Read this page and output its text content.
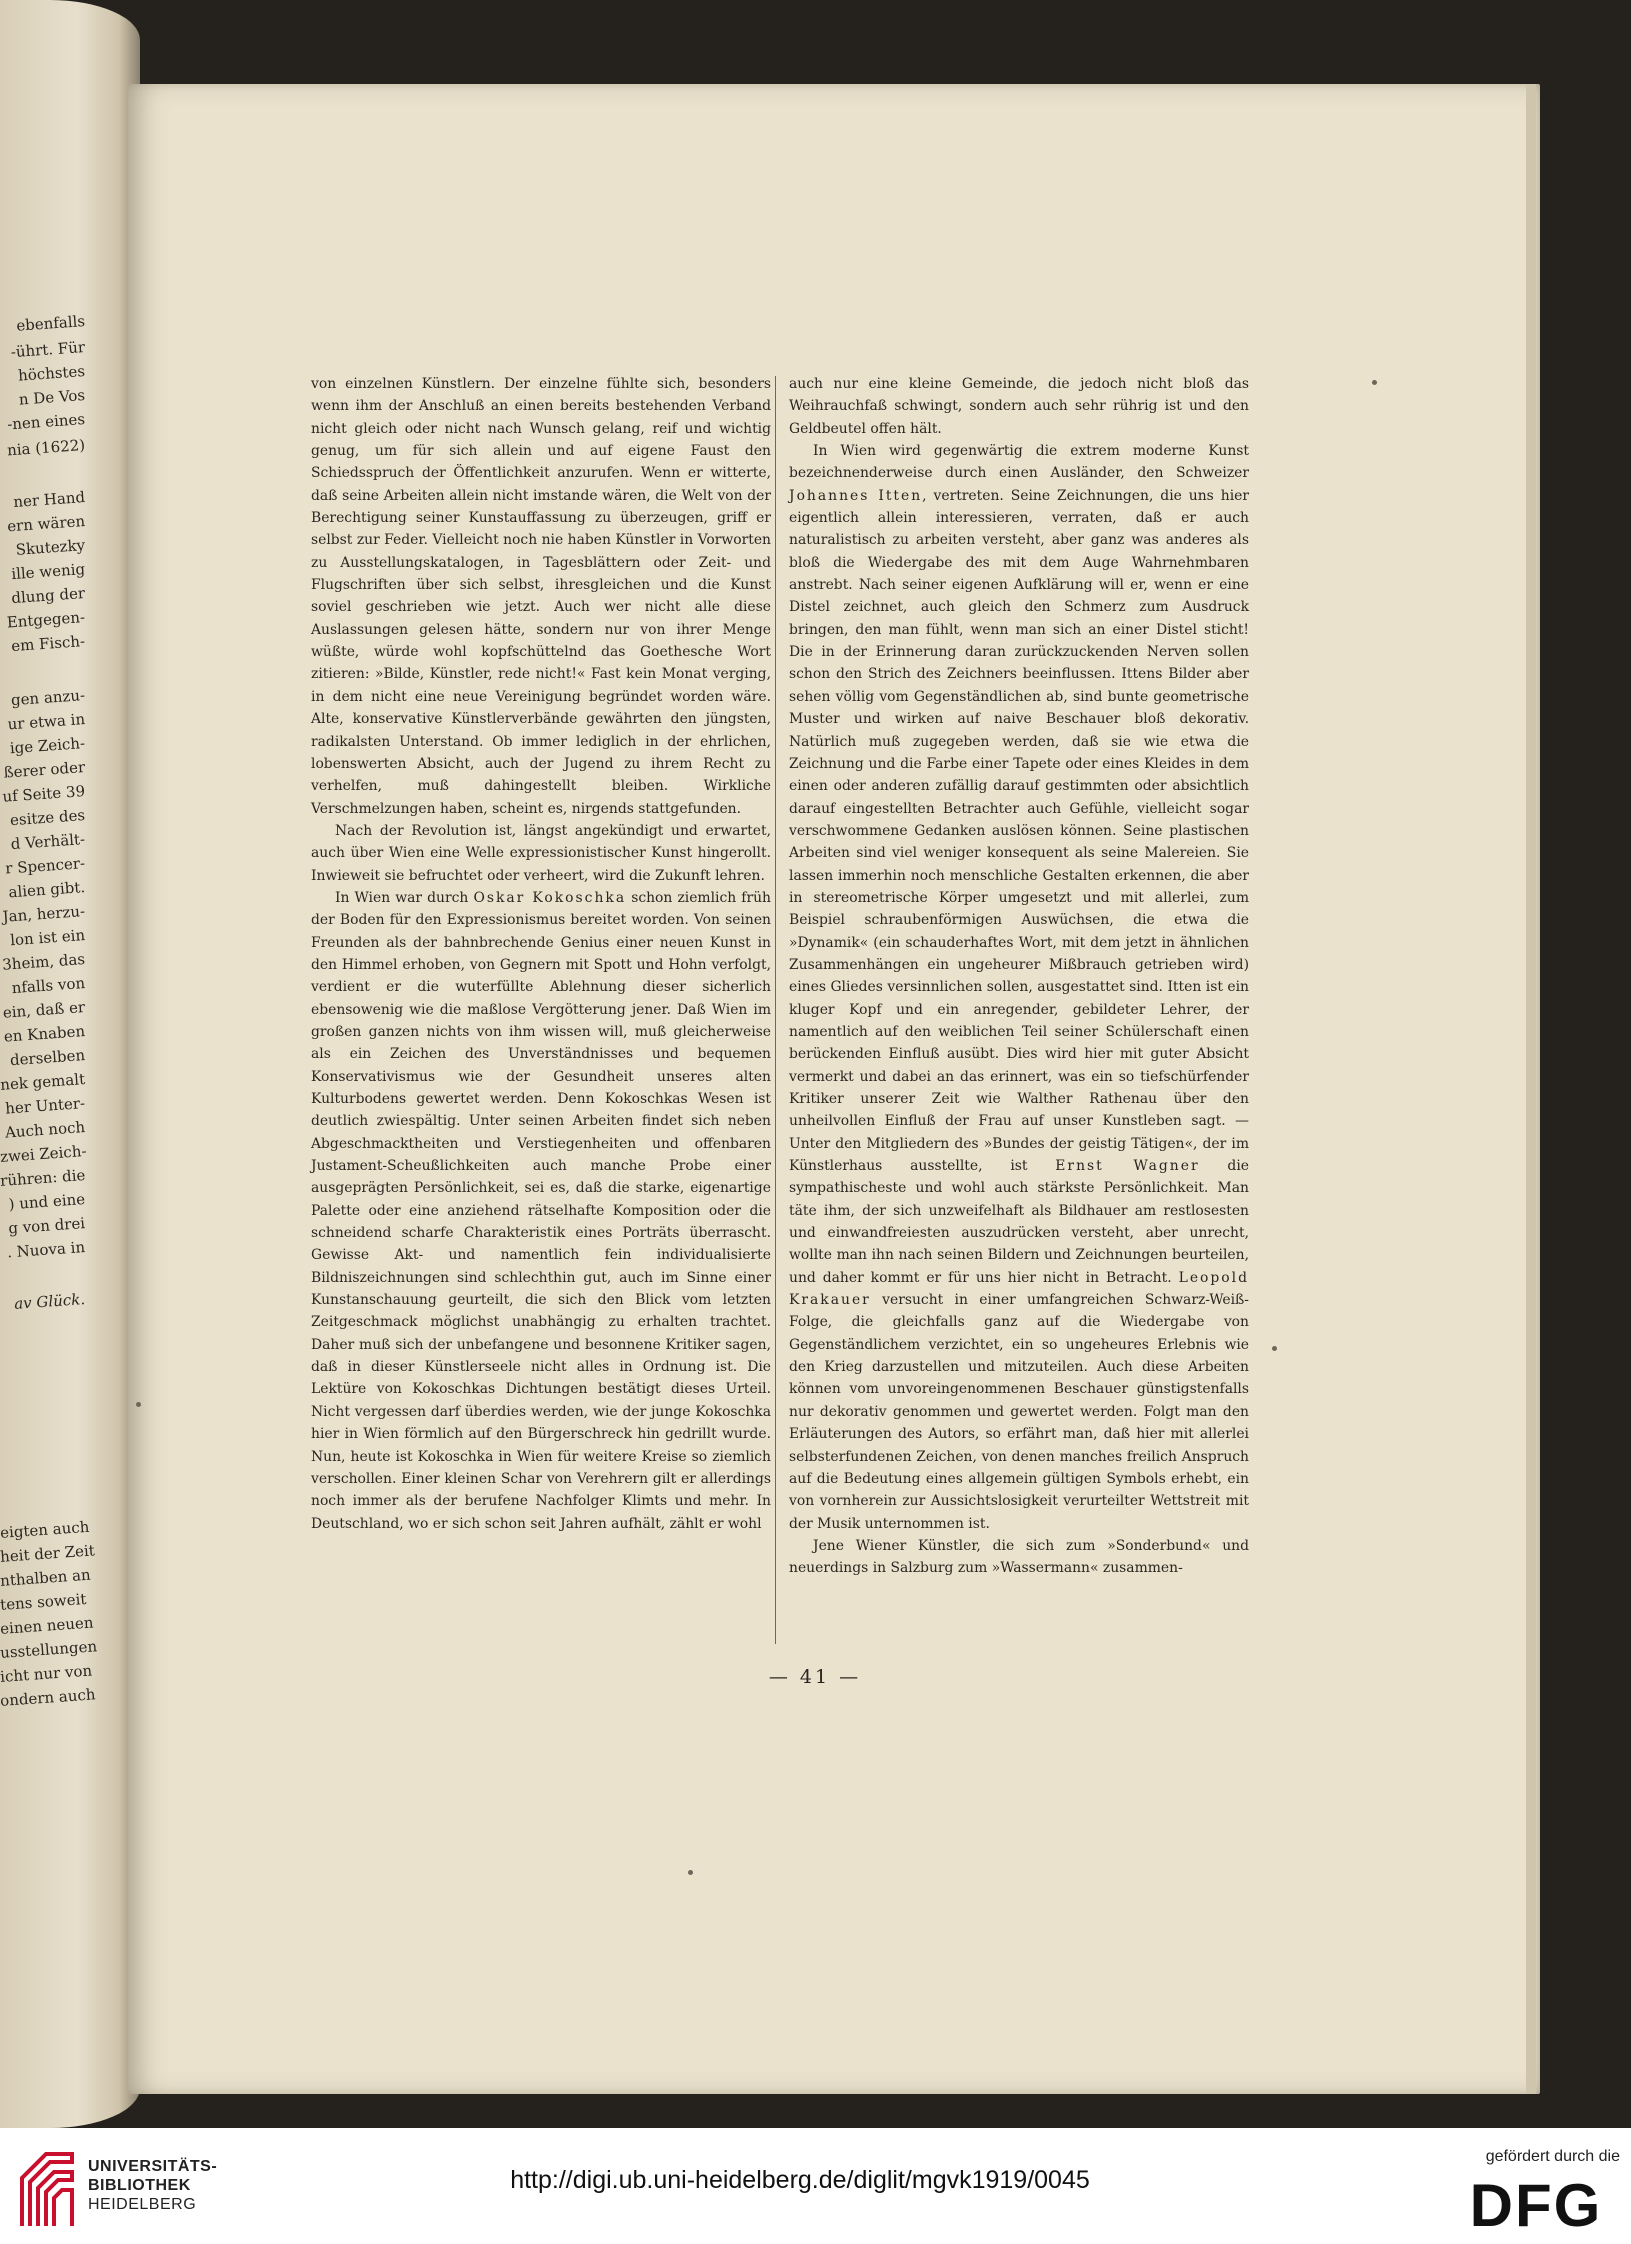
ebenfalls
-ührt. Für
höchstes
n De Vos
-nen eines
nia (1622)
ner Hand
ern wären
Skutezky
ille wenig
dlung der
Entgegen-
em Fisch-
gen anzu-
ur etwa in
ige Zeich-
ßerer oder
uf Seite 39
esitze des
d Verhält-
r Spencer-
alien gibt.
Jan, herzu-
lon ist ein
3heim, das
nfalls von
ein, daß er
en Knaben
derselben
nek gemalt
her Unter-
Auch noch
zwei Zeich-
rühren: die
) und eine
g von drei
. Nuova in
av Glück.
eigten auch
heit der Zeit
nthalben an
tens soweit
einen neuen
usstellungen
icht nur von
ondern auch

von einzelnen Künstlern. Der einzelne fühlte sich, besonders wenn ihm der Anschluß an einen bereits bestehenden Verband nicht gleich oder nicht nach Wunsch gelang, reif und wichtig genug, um für sich allein und auf eigene Faust den Schiedsspruch der Öffentlichkeit anzurufen. Wenn er witterte, daß seine Arbeiten allein nicht imstande wären, die Welt von der Berechtigung seiner Kunstauffassung zu überzeugen, griff er selbst zur Feder. Vielleicht noch nie haben Künstler in Vorworten zu Ausstellungskatalogen, in Tagesblättern oder Zeit- und Flugschriften über sich selbst, ihresgleichen und die Kunst soviel geschrieben wie jetzt. Auch wer nicht alle diese Auslassungen gelesen hätte, sondern nur von ihrer Menge wüßte, würde wohl kopfschüttelnd das Goethesche Wort zitieren: »Bilde, Künstler, rede nicht!« Fast kein Monat verging, in dem nicht eine neue Vereinigung begründet worden wäre. Alte, konservative Künstlerverbände gewährten den jüngsten, radikalsten Unterstand. Ob immer lediglich in der ehrlichen, lobenswerten Absicht, auch der Jugend zu ihrem Recht zu verhelfen, muß dahingestellt bleiben. Wirkliche Verschmelzungen haben, scheint es, nirgends stattgefunden.

Nach der Revolution ist, längst angekündigt und erwartet, auch über Wien eine Welle expressionistischer Kunst hingerollt. Inwieweit sie befruchtet oder verheert, wird die Zukunft lehren.

In Wien war durch Oskar Kokoschka schon ziemlich früh der Boden für den Expressionismus bereitet worden. Von seinen Freunden als der bahnbrechende Genius einer neuen Kunst in den Himmel erhoben, von Gegnern mit Spott und Hohn verfolgt, verdient er die wuterfüllte Ablehnung dieser sicherlich ebensowenig wie die maßlose Vergötterung jener. Daß Wien im großen ganzen nichts von ihm wissen will, muß gleicherweise als ein Zeichen des Unverständnisses und bequemen Konservativismus wie der Gesundheit unseres alten Kulturbodens gewertet werden. Denn Kokoschkas Wesen ist deutlich zwiespältig. Unter seinen Arbeiten findet sich neben Abgeschmacktheiten und Verstiegenheiten und offenbaren Justament-Scheußlichkeiten auch manche Probe einer ausgeprägten Persönlichkeit, sei es, daß die starke, eigenartige Palette oder eine anziehend rätselhafte Komposition oder die schneidend scharfe Charakteristik eines Porträts überrascht. Gewisse Akt- und namentlich fein individualisierte Bildniszeichnungen sind schlechthin gut, auch im Sinne einer Kunstanschauung geurteilt, die sich den Blick vom letzten Zeitgeschmack möglichst unabhängig zu erhalten trachtet. Daher muß sich der unbefangene und besonnene Kritiker sagen, daß in dieser Künstlerseele nicht alles in Ordnung ist. Die Lektüre von Kokoschkas Dichtungen bestätigt dieses Urteil. Nicht vergessen darf überdies werden, wie der junge Kokoschka hier in Wien förmlich auf den Bürgerschreck hin gedrillt wurde. Nun, heute ist Kokoschka in Wien für weitere Kreise so ziemlich verschollen. Einer kleinen Schar von Verehrern gilt er allerdings noch immer als der berufene Nachfolger Klimts und mehr. In Deutschland, wo er sich schon seit Jahren aufhält, zählt er wohl

auch nur eine kleine Gemeinde, die jedoch nicht bloß das Weihrauchfaß schwingt, sondern auch sehr rührig ist und den Geldbeutel offen hält.

In Wien wird gegenwärtig die extrem moderne Kunst bezeichnenderweise durch einen Ausländer, den Schweizer Johannes Itten, vertreten. Seine Zeichnungen, die uns hier eigentlich allein interessieren, verraten, daß er auch naturalistisch zu arbeiten versteht, aber ganz was anderes als bloß die Wiedergabe des mit dem Auge Wahrnehmbaren anstrebt. Nach seiner eigenen Aufklärung will er, wenn er eine Distel zeichnet, auch gleich den Schmerz zum Ausdruck bringen, den man fühlt, wenn man sich an einer Distel sticht! Die in der Erinnerung daran zurückzuckenden Nerven sollen schon den Strich des Zeichners beeinflussen. Ittens Bilder aber sehen völlig vom Gegenständlichen ab, sind bunte geometrische Muster und wirken auf naive Beschauer bloß dekorativ. Natürlich muß zugegeben werden, daß sie wie etwa die Zeichnung und die Farbe einer Tapete oder eines Kleides in dem einen oder anderen zufällig darauf gestimmten oder absichtlich darauf eingestellten Betrachter auch Gefühle, vielleicht sogar verschwommene Gedanken auslösen können. Seine plastischen Arbeiten sind viel weniger konsequent als seine Malereien. Sie lassen immerhin noch menschliche Gestalten erkennen, die aber in stereometrische Körper umgesetzt und mit allerlei, zum Beispiel schraubenförmigen Auswüchsen, die etwa die »Dynamik« (ein schauderhaftes Wort, mit dem jetzt in ähnlichen Zusammenhängen ein ungeheurer Mißbrauch getrieben wird) eines Gliedes versinnlichen sollen, ausgestattet sind. Itten ist ein kluger Kopf und ein anregender, gebildeter Lehrer, der namentlich auf den weiblichen Teil seiner Schülerschaft einen berückenden Einfluß ausübt. Dies wird hier mit guter Absicht vermerkt und dabei an das erinnert, was ein so tiefschürfender Kritiker unserer Zeit wie Walther Rathenau über den unheilvollen Einfluß der Frau auf unser Kunstleben sagt. — Unter den Mitgliedern des »Bundes der geistig Tätigen«, der im Künstlerhaus ausstellte, ist Ernst Wagner die sympathischeste und wohl auch stärkste Persönlichkeit. Man täte ihm, der sich unzweifelhaft als Bildhauer am restlosesten und einwandfreiesten auszudrücken versteht, aber unrecht, wollte man ihn nach seinen Bildern und Zeichnungen beurteilen, und daher kommt er für uns hier nicht in Betracht. Leopold Krakauer versucht in einer umfangreichen Schwarz-Weiß-Folge, die gleichfalls ganz auf die Wiedergabe von Gegenständlichem verzichtet, ein so ungeheures Erlebnis wie den Krieg darzustellen und mitzuteilen. Auch diese Arbeiten können vom unvoreingenommenen Beschauer günstigstenfalls nur dekorativ genommen und gewertet werden. Folgt man den Erläuterungen des Autors, so erfährt man, daß hier mit allerlei selbsterfundenen Zeichen, von denen manches freilich Anspruch auf die Bedeutung eines allgemein gültigen Symbols erhebt, ein von vornherein zur Aussichtslosigkeit verurteilter Wettstreit mit der Musik unternommen ist.

Jene Wiener Künstler, die sich zum »Sonderbund« und neuerdings in Salzburg zum »Wassermann« zusammen-

— 41 —
UNIVERSITÄTS-
BIBLIOTHEK
HEIDELBERG
http://digi.ub.uni-heidelberg.de/diglit/mgvk1919/0045
gefördert durch die
DFG
